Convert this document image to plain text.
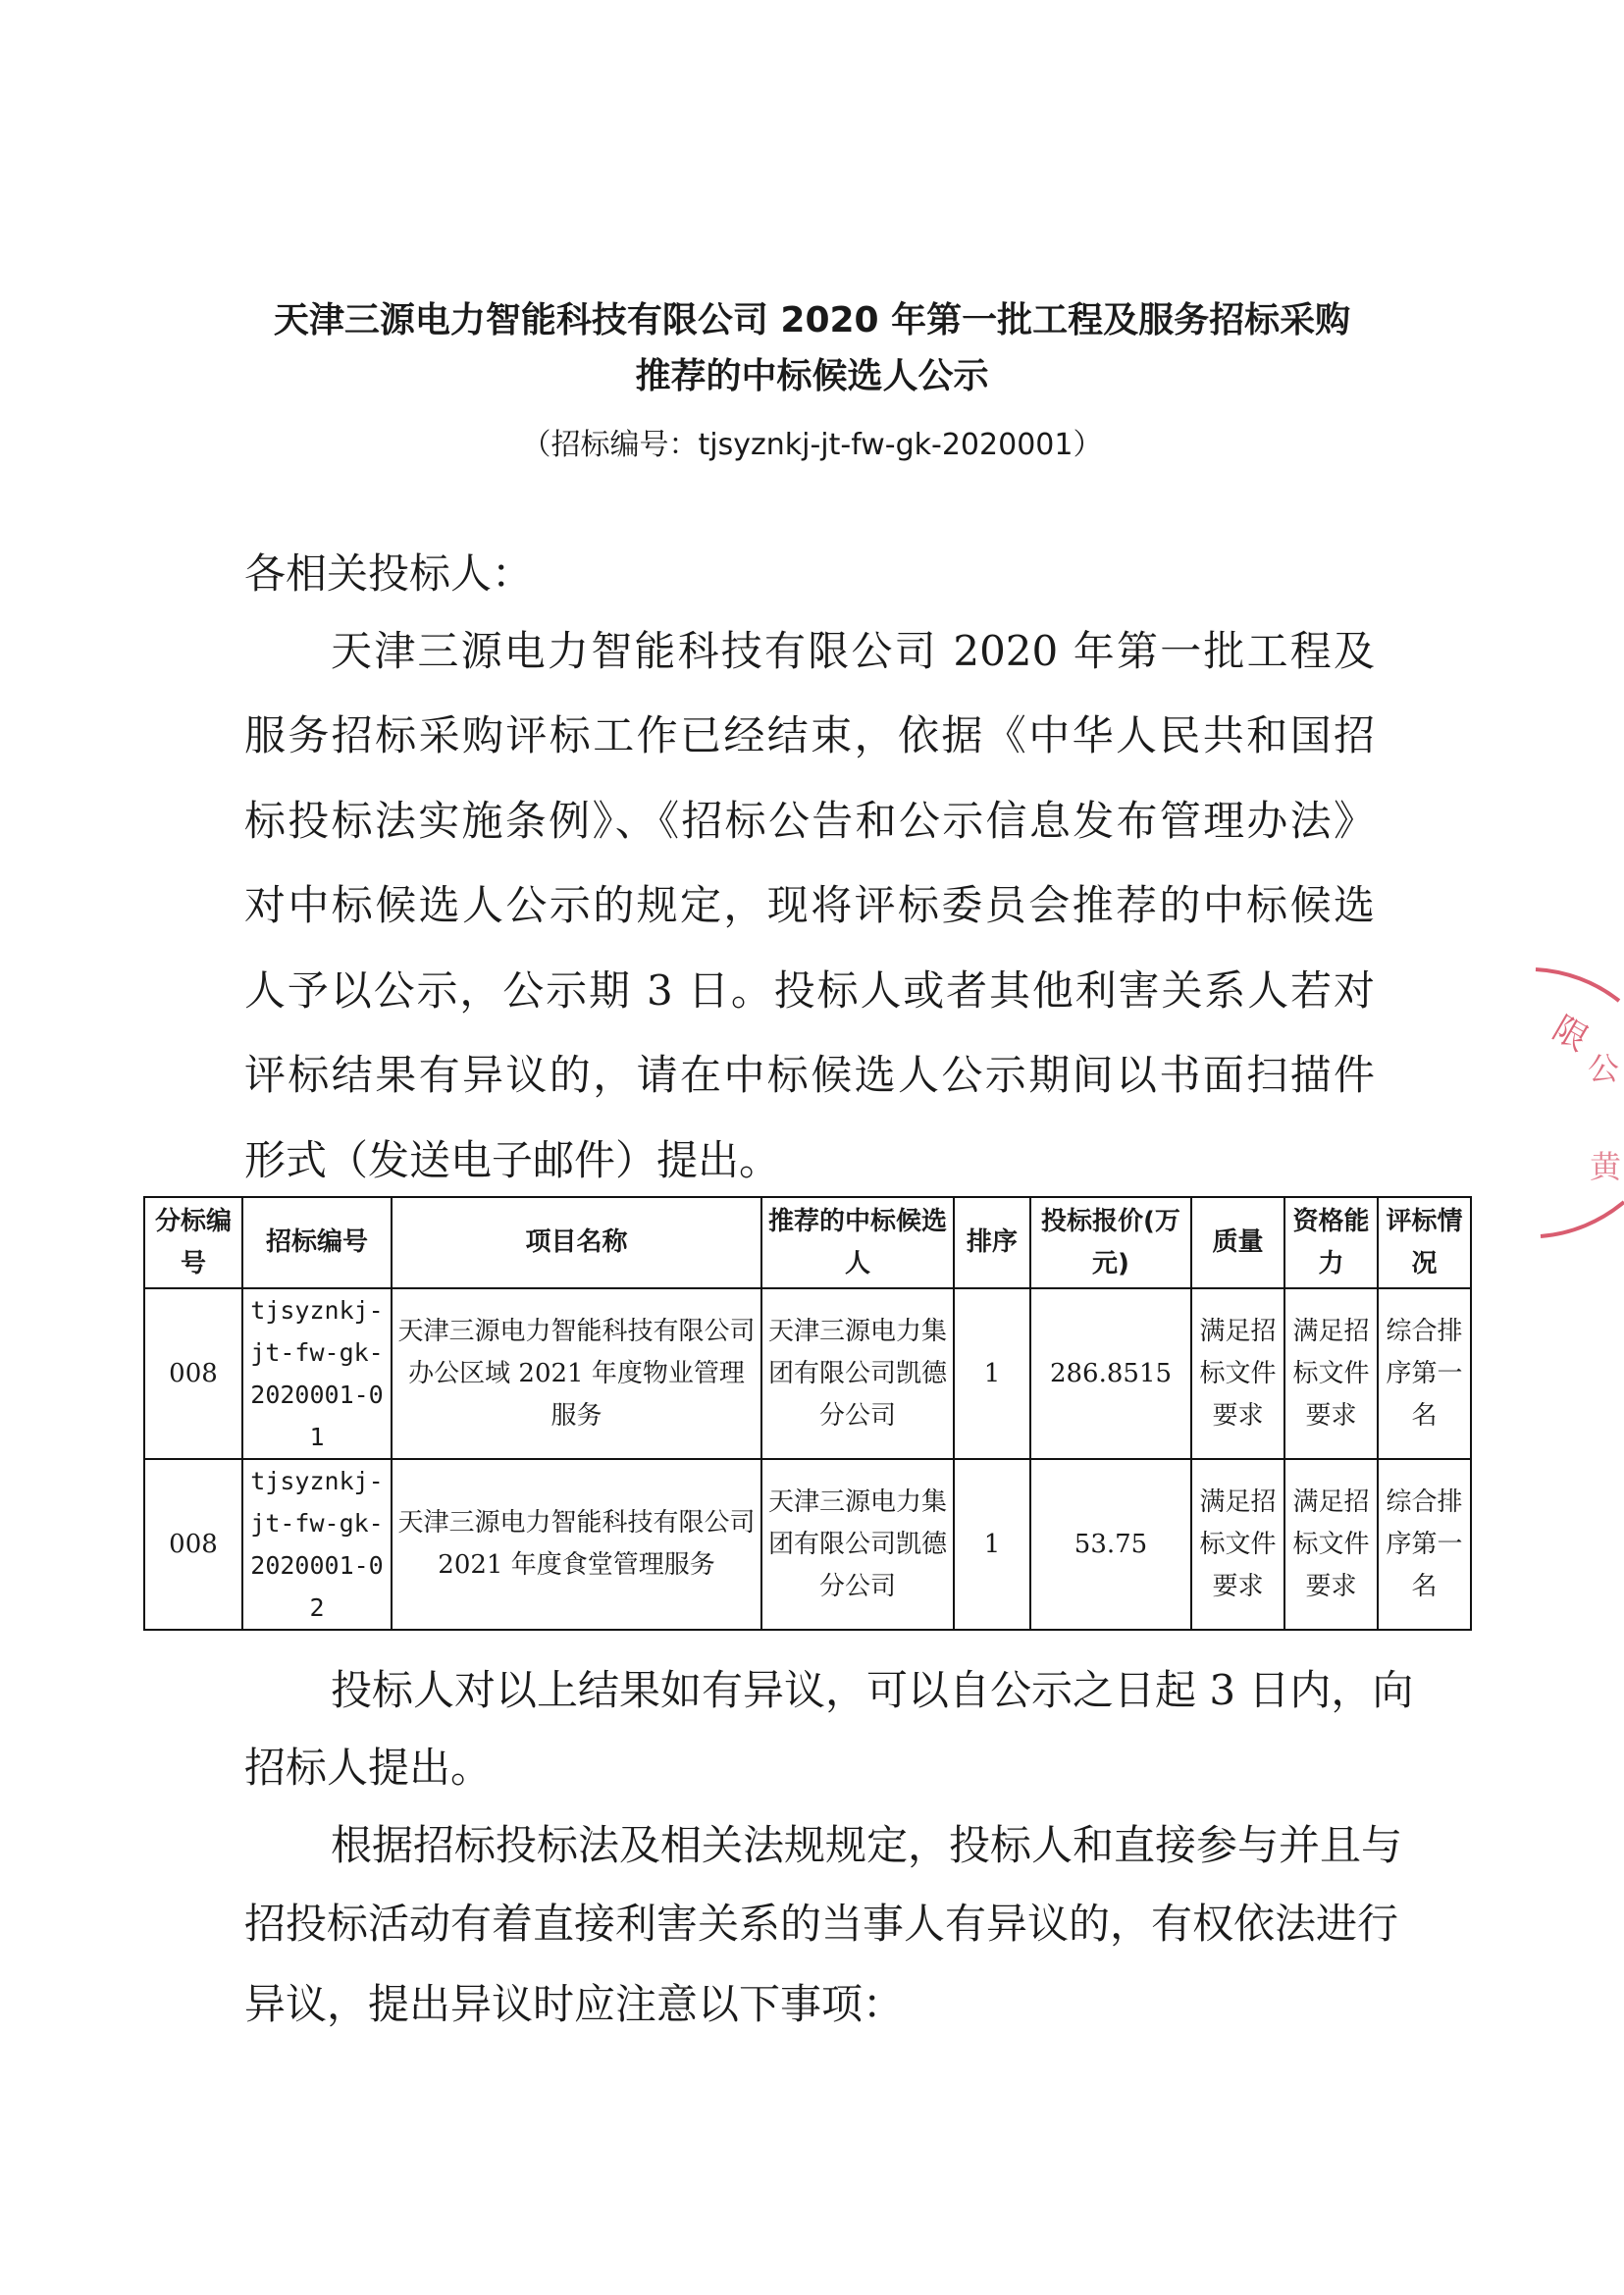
天津三源电力智能科技有限公司 2020 年第一批工程及服务招标采购
推荐的中标候选人公示
（招标编号：tjsyznkj-jt-fw-gk-2020001）
各相关投标人：
天津三源电力智能科技有限公司 2020 年第一批工程及
服务招标采购评标工作已经结束，依据《中华人民共和国招
标投标法实施条例》、《招标公告和公示信息发布管理办法》
对中标候选人公示的规定，现将评标委员会推荐的中标候选
人予以公示，公示期 3 日。投标人或者其他利害关系人若对
评标结果有异议的，请在中标候选人公示期间以书面扫描件
形式（发送电子邮件）提出。
分标编号	招标编号	项目名称	推荐的中标候选人	排序	投标报价(万元)	质量	资格能力	评标情况
008	tjsyznkj-jt-fw-gk-2020001-01	天津三源电力智能科技有限公司办公区域 2021 年度物业管理服务	天津三源电力集团有限公司凯德分公司	1	286.8515	满足招标文件要求	满足招标文件要求	综合排序第一名
008	tjsyznkj-jt-fw-gk-2020001-02	天津三源电力智能科技有限公司 2021 年度食堂管理服务	天津三源电力集团有限公司凯德分公司	1	53.75	满足招标文件要求	满足招标文件要求	综合排序第一名
投标人对以上结果如有异议，可以自公示之日起 3 日内，向
招标人提出。
根据招标投标法及相关法规规定，投标人和直接参与并且与
招投标活动有着直接利害关系的当事人有异议的，有权依法进行
异议，提出异议时应注意以下事项：
限
公
黄
